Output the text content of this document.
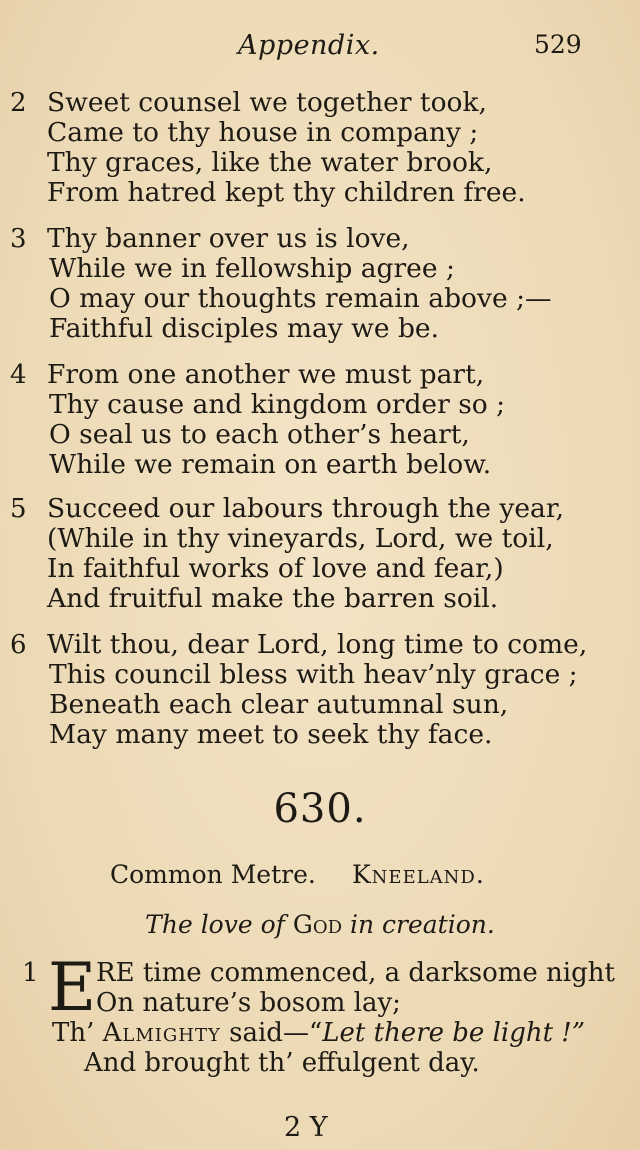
Appendix.	529
2 Sweet counsel we together took,
Came to thy house in company ;
Thy graces, like the water brook,
From hatred kept thy children free.
3 Thy banner over us is love,
While we in fellowship agree ;
O may our thoughts remain above ;—
Faithful disciples may we be.
4 From one another we must part,
Thy cause and kingdom order so ;
O seal us to each other’s heart,
While we remain on earth below.
5 Succeed our labours through the year,
(While in thy vineyards, Lord, we toil,
In faithful works of love and fear,)
And fruitful make the barren soil.
6 Wilt thou, dear Lord, long time to come,
This council bless with heav’nly grace ;
Beneath each clear autumnal sun,
May many meet to seek thy face.
630.
Common Metre. Kneeland.
The love of God in creation.
1 E RE time commenced, a darksome night
On nature’s bosom lay;
Th’ Almighty said—“Let there be light !”
And brought th’ effulgent day.
2 Y
